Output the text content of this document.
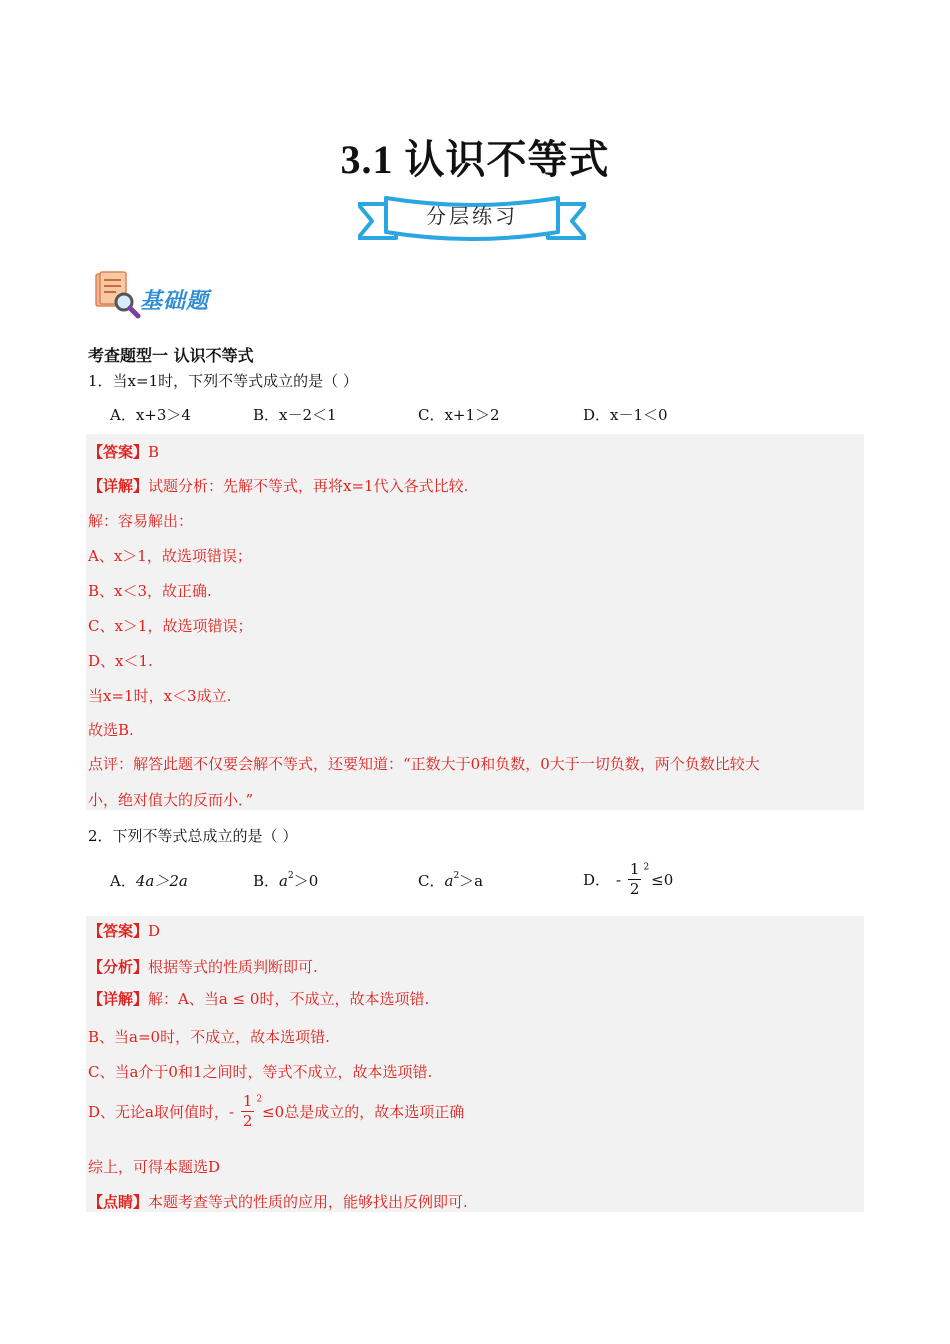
3.1 认识不等式
分层练习
基础题
考查题型一 认识不等式
1．当x=1时，下列不等式成立的是（ ）
A．x+3＞4	B．x－2＜1	C．x+1＞2	D．x－1＜0
【答案】B
【详解】试题分析：先解不等式，再将x=1代入各式比较.
解：容易解出：
A、x＞1，故选项错误；
B、x＜3，故正确.
C、x＞1，故选项错误；
D、x＜1.
当x=1时，x＜3成立.
故选B.
点评：解答此题不仅要会解不等式，还要知道：“正数大于0和负数，0大于一切负数，两个负数比较大
小，绝对值大的反而小．”
2．下列不等式总成立的是（ ）
A．4a＞2a	B．$a^2>0$	C．$a^2>a$	D． - $\frac{1}{2} ^2\le 0$
【答案】D
【分析】根据等式的性质判断即可.
【详解】解：A、当a ≤ 0时，不成立，故本选项错.
B、当a=0时，不成立，故本选项错.
C、当a介于0和1之间时，等式不成立，故本选项错.
D、无论a取何值时，- $\frac{1}{2} ^2\le 0$总是成立的，故本选项正确
综上，可得本题选D
【点睛】本题考查等式的性质的应用，能够找出反例即可.
